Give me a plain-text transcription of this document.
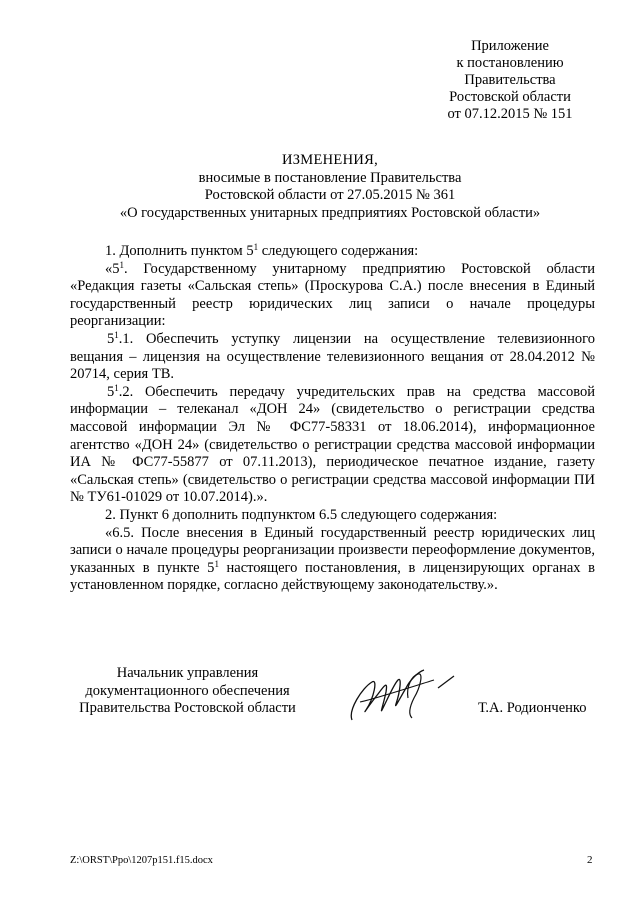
Приложение
к постановлению
Правительства
Ростовской области
от 07.12.2015 № 151
ИЗМЕНЕНИЯ,
вносимые в постановление Правительства
Ростовской области от 27.05.2015 № 361
«О государственных унитарных предприятиях Ростовской области»

1. Дополнить пунктом $5^1$ следующего содержания:

«$5^1$. Государственному унитарному предприятию Ростовской области «Редакция газеты «Сальская степь» (Проскурова С.А.) после внесения в Единый государственный реестр юридических лиц записи о начале процедуры реорганизации:

$5^1.1$. Обеспечить уступку лицензии на осуществление телевизионного вещания – лицензия на осуществление телевизионного вещания от 28.04.2012 № 20714, серия ТВ.

$5^1.2$. Обеспечить передачу учредительских прав на средства массовой информации – телеканал «ДОН 24» (свидетельство о регистрации средства массовой информации Эл № ФС77-58331 от 18.06.2014), информационное агентство «ДОН 24» (свидетельство о регистрации средства массовой информации ИА № ФС77-55877 от 07.11.2013), периодическое печатное издание, газету «Сальская степь» (свидетельство о регистрации средства массовой информации ПИ № ТУ61-01029 от 10.07.2014).».

2. Пункт 6 дополнить подпунктом 6.5 следующего содержания:

«6.5. После внесения в Единый государственный реестр юридических лиц записи о начале процедуры реорганизации произвести переоформление документов, указанных в пункте $5^1$ настоящего постановления, в лицензирующих органах в установленном порядке, согласно действующему законодательству.».

Начальник управления
документационного обеспечения
Правительства Ростовской области	Т.А. Родионченко
Z:\ORST\Ppo\1207p151.f15.docx	2
